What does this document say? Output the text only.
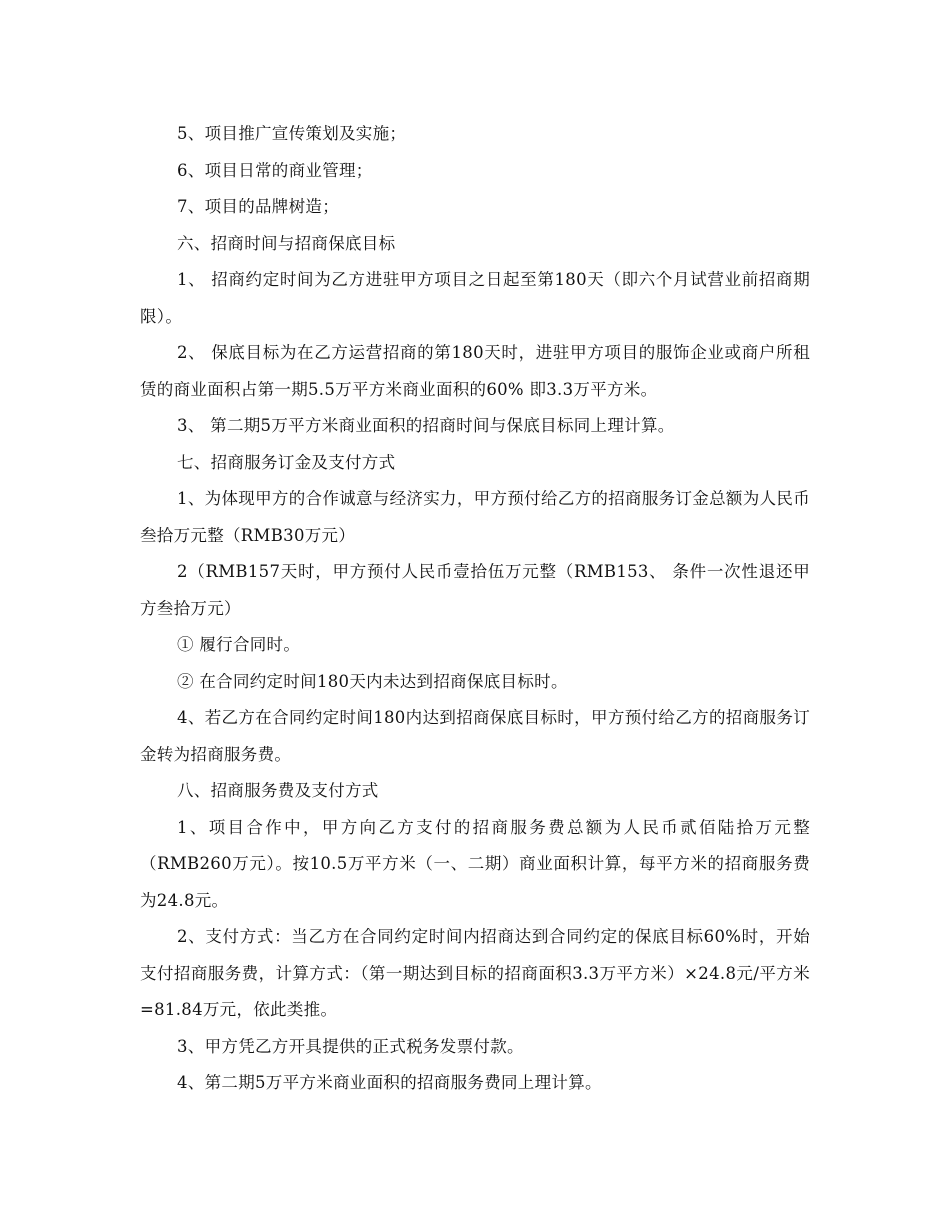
5、项目推广宣传策划及实施；

6、项目日常的商业管理；

7、项目的品牌树造；

六、招商时间与招商保底目标

1、 招商约定时间为乙方进驻甲方项目之日起至第180天（即六个月试营业前招商期限）。

2、 保底目标为在乙方运营招商的第180天时，进驻甲方项目的服饰企业或商户所租赁的商业面积占第一期5.5万平方米商业面积的60% 即3.3万平方米。

3、 第二期5万平方米商业面积的招商时间与保底目标同上理计算。

七、招商服务订金及支付方式

1、为体现甲方的合作诚意与经济实力，甲方预付给乙方的招商服务订金总额为人民币叁拾万元整（RMB30万元）

2（RMB157天时，甲方预付人民币壹拾伍万元整（RMB153、 条件一次性退还甲方叁拾万元）

① 履行合同时。

② 在合同约定时间180天内未达到招商保底目标时。

4、若乙方在合同约定时间180内达到招商保底目标时，甲方预付给乙方的招商服务订金转为招商服务费。

八、招商服务费及支付方式

1、项目合作中，甲方向乙方支付的招商服务费总额为人民币贰佰陆拾万元整（RMB260万元）。按10.5万平方米（一、二期）商业面积计算，每平方米的招商服务费为24.8元。

2、支付方式：当乙方在合同约定时间内招商达到合同约定的保底目标60%时，开始支付招商服务费，计算方式：（第一期达到目标的招商面积3.3万平方米）×24.8元/平方米=81.84万元，依此类推。

3、甲方凭乙方开具提供的正式税务发票付款。

4、第二期5万平方米商业面积的招商服务费同上理计算。
